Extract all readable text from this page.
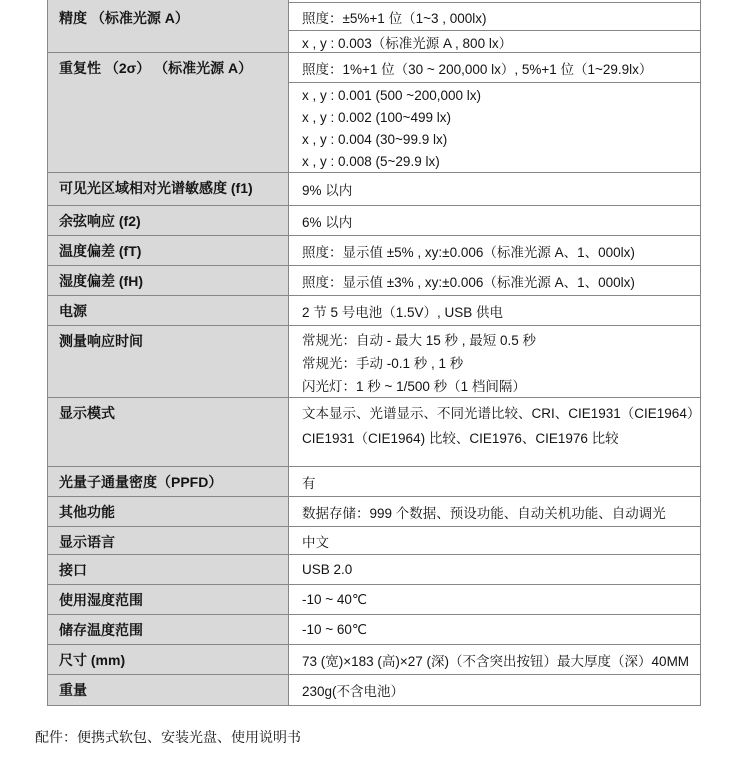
精度 （标准光源 A）	照度：±5%+1 位（1~3 , 000lx)
x , y : 0.003（标准光源 A , 800 lx）
重复性 （2σ） （标准光源 A）	照度：1%+1 位（30 ~ 200,000 lx）, 5%+1 位（1~29.9lx）
x , y : 0.001 (500 ~200,000 lx)
x , y : 0.002 (100~499 lx)
x , y : 0.004 (30~99.9 lx)
x , y : 0.008 (5~29.9 lx)
可见光区域相对光谱敏感度 (f1)	9% 以内
余弦响应 (f2)	6% 以内
温度偏差 (fT)	照度：显示值 ±5% , xy:±0.006（标准光源 A、1、000lx)
湿度偏差 (fH)	照度：显示值 ±3% , xy:±0.006（标准光源 A、1、000lx)
电源	2 节 5 号电池（1.5V）, USB 供电
测量响应时间	常规光：自动 - 最大 15 秒 , 最短 0.5 秒
常规光：手动 -0.1 秒 , 1 秒
闪光灯：1 秒 ~ 1/500 秒（1 档间隔）
显示模式	文本显示、光谱显示、不同光谱比较、CRI、CIE1931（CIE1964）
CIE1931（CIE1964) 比较、CIE1976、CIE1976 比较
光量子通量密度（PPFD）	有
其他功能	数据存储：999 个数据、预设功能、自动关机功能、自动调光
显示语言	中文
接口	USB 2.0
使用湿度范围	-10 ~ 40℃
储存温度范围	-10 ~ 60℃
尺寸 (mm)	73 (宽)×183 (高)×27 (深)（不含突出按钮）最大厚度（深）40MM
重量	230g(不含电池）
配件：便携式软包、安装光盘、使用说明书
